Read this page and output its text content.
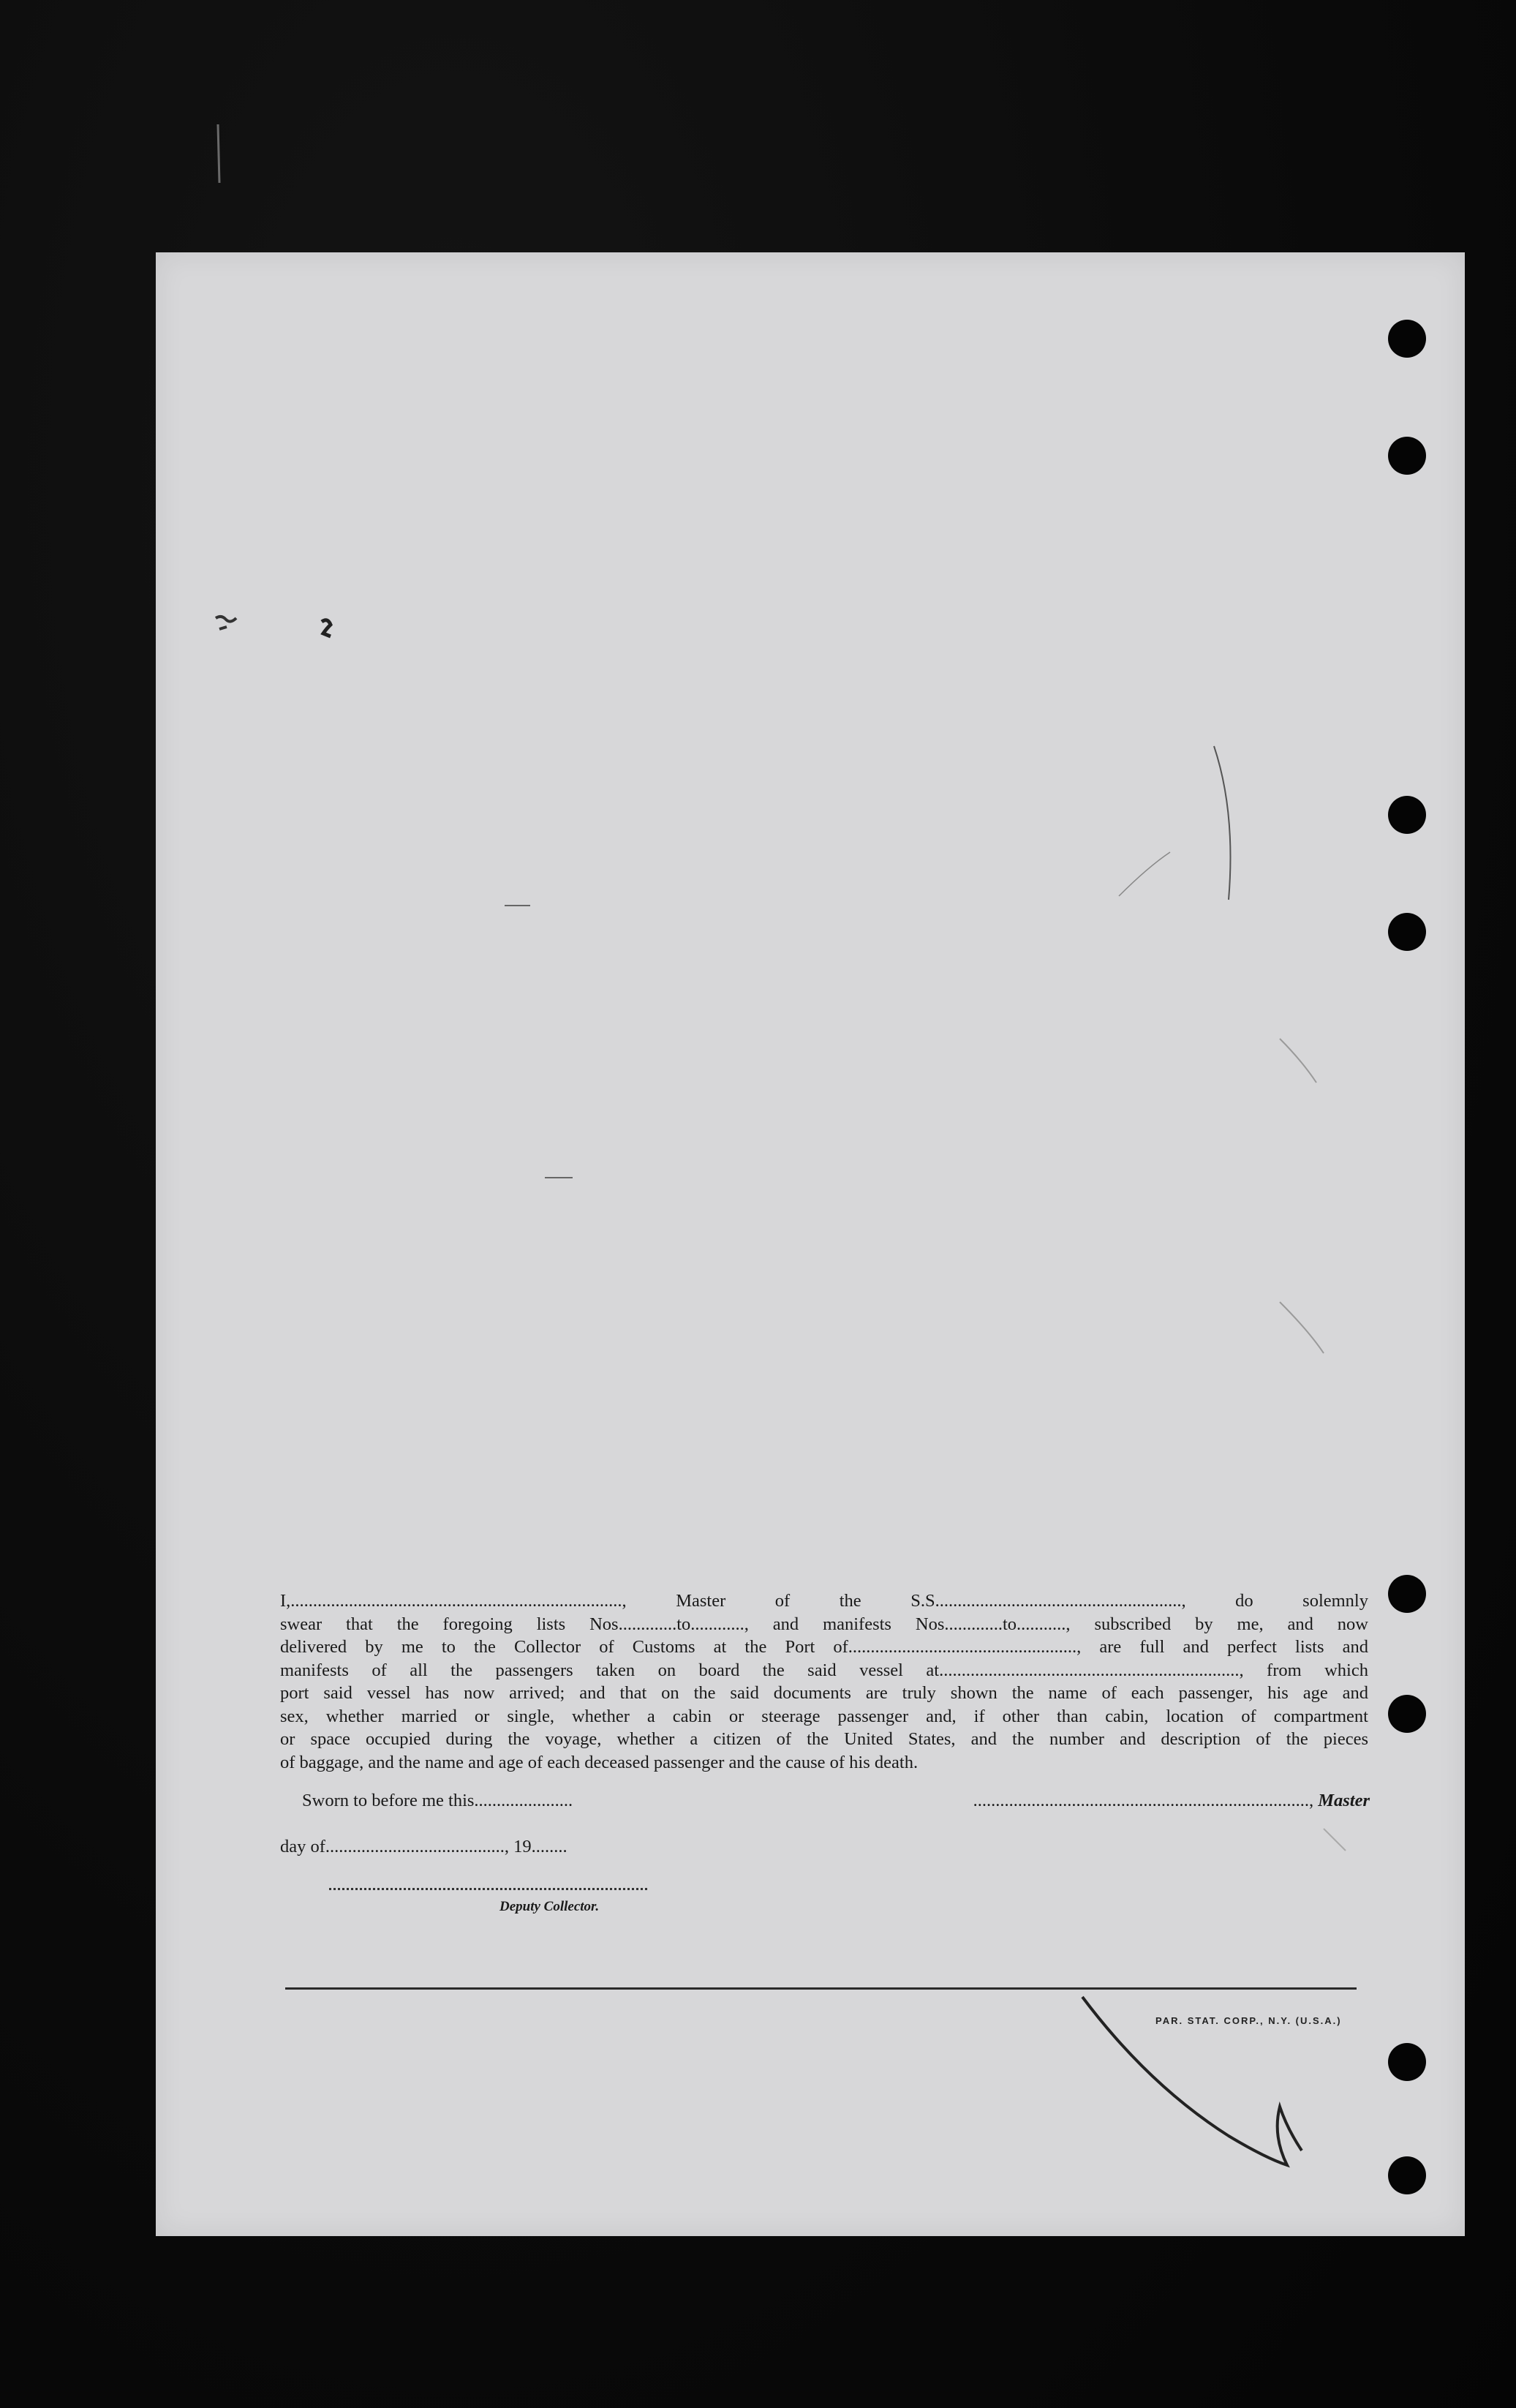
I,.........................................................................., Master of the S.S......................................................., do solemnly swear that the foregoing lists Nos.............to............, and manifests Nos.............to..........., subscribed by me, and now delivered by me to the Collector of Customs at the Port of..................................................., are full and perfect lists and manifests of all the passengers taken on board the said vessel at..................................................................., from which port said vessel has now arrived; and that on the said documents are truly shown the name of each passenger, his age and sex, whether married or single, whether a cabin or steerage passenger and, if other than cabin, location of compartment or space occupied during the voyage, whether a citizen of the United States, and the number and description of the pieces of baggage, and the name and age of each deceased passenger and the cause of his death.
Sworn to before me this......................	..........................................................................., Master
day of........................................, 19........
Deputy Collector.
PAR. STAT. CORP., N.Y. (U.S.A.)
